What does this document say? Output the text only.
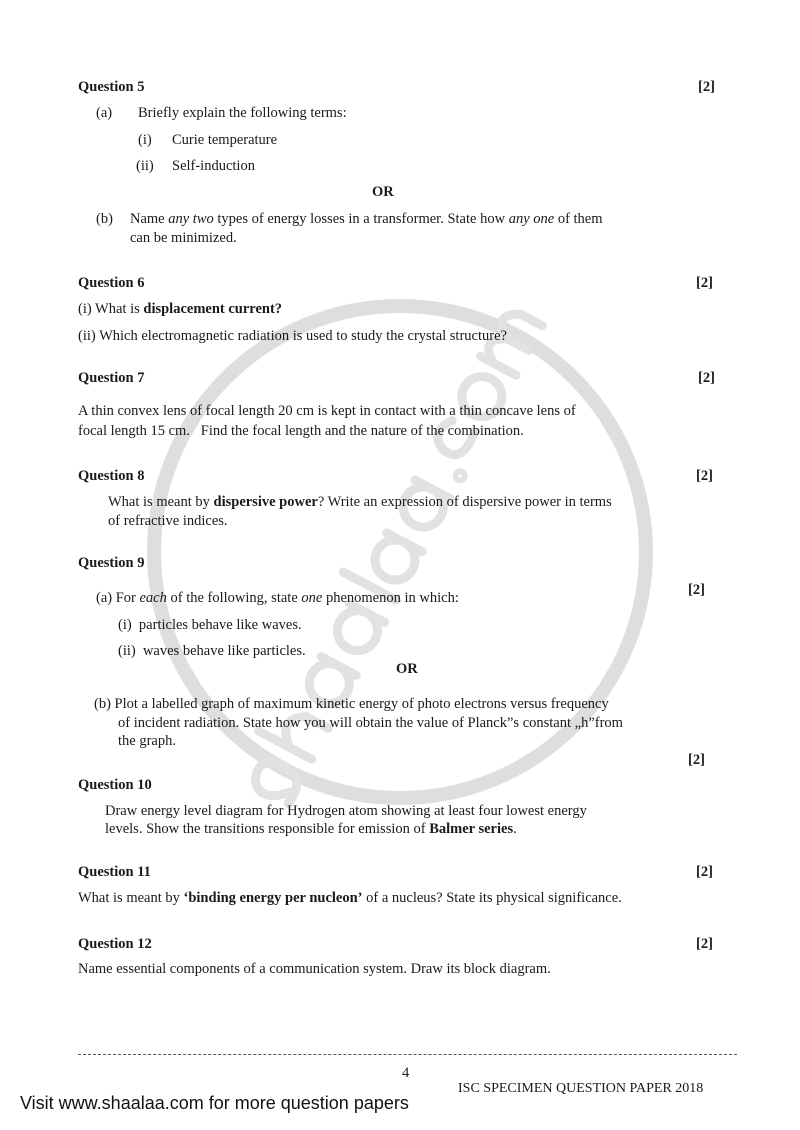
Question 5	[2]
(a) Briefly explain the following terms:
(i) Curie temperature
(ii) Self-induction
OR
(b) Name any two types of energy losses in a transformer. State how any one of them
can be minimized.
Question 6	[2]
(i) What is displacement current?
(ii) Which electromagnetic radiation is used to study the crystal structure?
Question 7	[2]
A thin convex lens of focal length 20 cm is kept in contact with a thin concave lens of
focal length 15 cm.   Find the focal length and the nature of the combination.
Question 8	[2]
What is meant by dispersive power? Write an expression of dispersive power in terms
of refractive indices.
Question 9
[2]
(a) For each of the following, state one phenomenon in which:
(i)  particles behave like waves.
(ii)  waves behave like particles.
OR
(b) Plot a labelled graph of maximum kinetic energy of photo electrons versus frequency
of incident radiation. State how you will obtain the value of Planck”s constant „h”from
the graph.
[2]
Question 10
Draw energy level diagram for Hydrogen atom showing at least four lowest energy
levels. Show the transitions responsible for emission of Balmer series.
Question 11	[2]
What is meant by ‘binding energy per nucleon’ of a nucleus? State its physical significance.
Question 12	[2]
Name essential components of a communication system. Draw its block diagram.
4
ISC SPECIMEN QUESTION PAPER 2018
Visit www.shaalaa.com for more question papers
